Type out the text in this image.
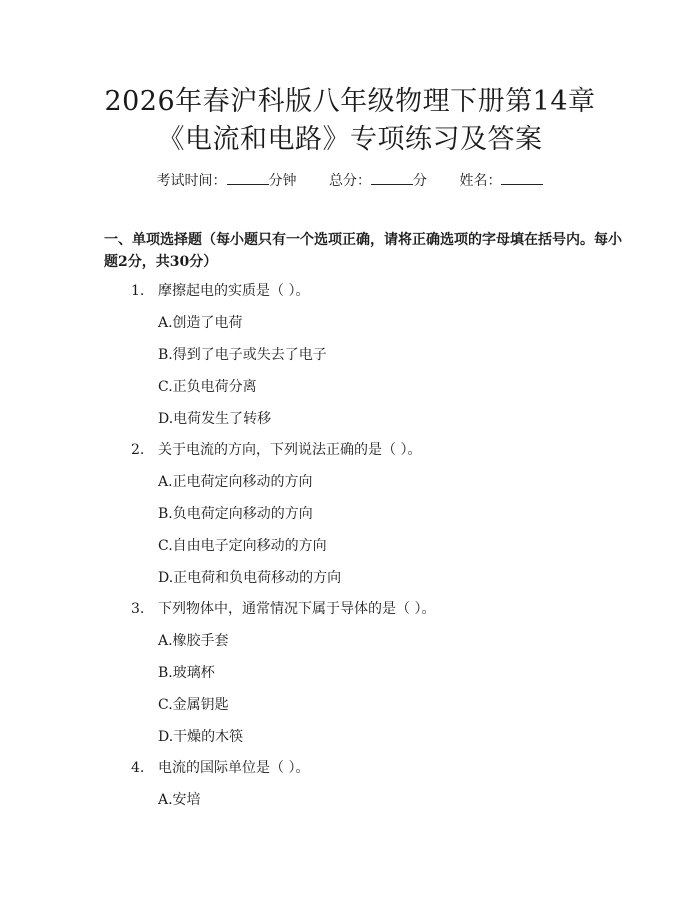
2026年春沪科版八年级物理下册第14章
《电流和电路》专项练习及答案
考试时间：	分钟 总分：	分 姓名：
一、单项选择题（每小题只有一个选项正确，请将正确选项的字母填在括号内。每小题2分，共30分）
1. 摩擦起电的实质是（ ）。
A.创造了电荷
B.得到了电子或失去了电子
C.正负电荷分离
D.电荷发生了转移
2. 关于电流的方向，下列说法正确的是（ ）。
A.正电荷定向移动的方向
B.负电荷定向移动的方向
C.自由电子定向移动的方向
D.正电荷和负电荷移动的方向
3. 下列物体中，通常情况下属于导体的是（ ）。
A.橡胶手套
B.玻璃杯
C.金属钥匙
D.干燥的木筷
4. 电流的国际单位是（ ）。
A.安培
